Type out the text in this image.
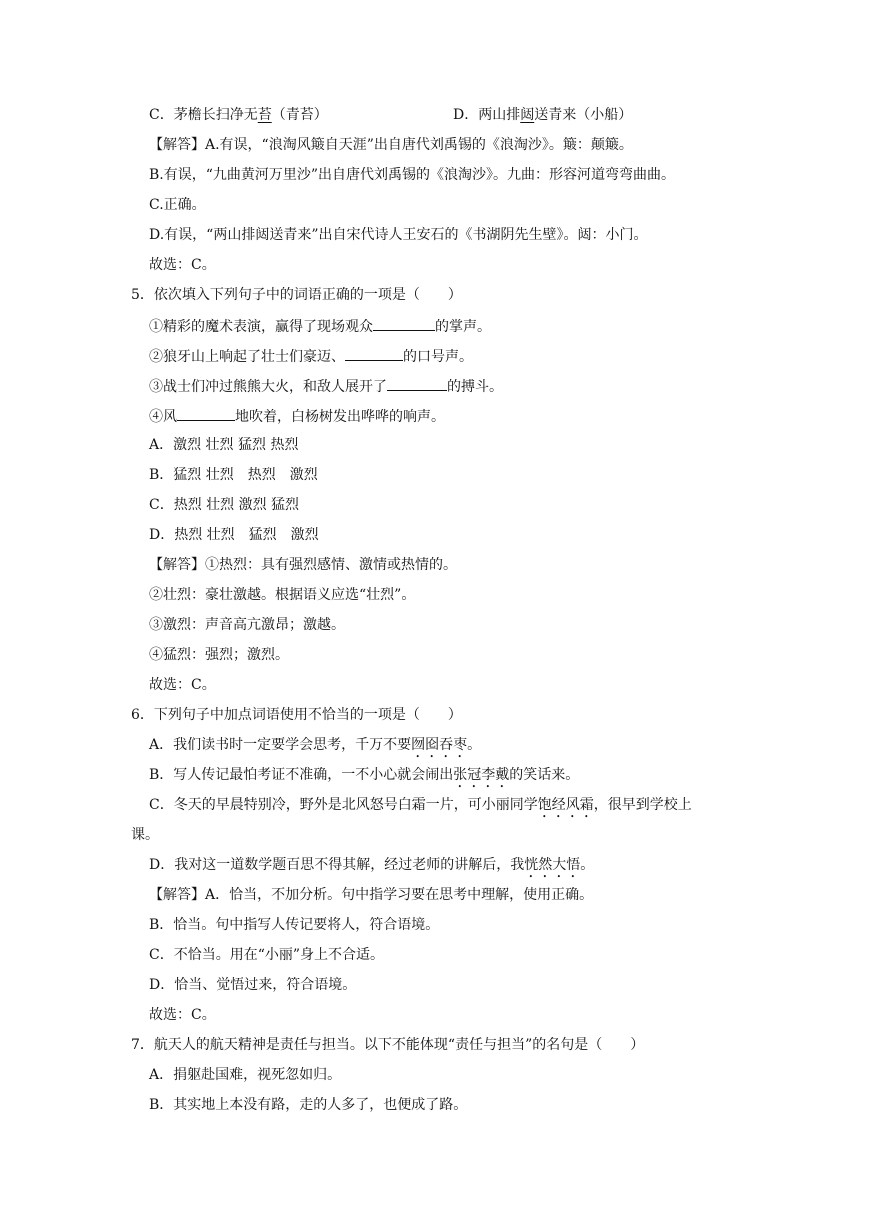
C．茅檐长扫净无苔（青苔）	D．两山排闼送青来（小船）
【解答】A.有误，“浪淘风簸自天涯”出自唐代刘禹锡的《浪淘沙》。簸：颠簸。
B.有误，“九曲黄河万里沙”出自唐代刘禹锡的《浪淘沙》。九曲：形容河道弯弯曲曲。
C.正确。
D.有误，“两山排闼送青来”出自宋代诗人王安石的《书湖阴先生壁》。闼：小门。
故选：C。
5．依次填入下列句子中的词语正确的一项是（　　）
①精彩的魔术表演，赢得了现场观众	的掌声。
②狼牙山上响起了壮士们豪迈、	的口号声。
③战士们冲过熊熊大火，和敌人展开了	的搏斗。
④风	地吹着，白杨树发出哗哗的响声。
A．激烈 壮烈 猛烈 热烈
B．猛烈 壮烈　热烈　激烈
C．热烈 壮烈 激烈 猛烈
D．热烈 壮烈　猛烈　激烈
【解答】①热烈：具有强烈感情、激情或热情的。
②壮烈：豪壮激越。根据语义应选“壮烈”。
③激烈：声音高亢激昂；激越。
④猛烈：强烈；激烈。
故选：C。
6．下列句子中加点词语使用不恰当的一项是（　　）
A．我们读书时一定要学会思考，千万不要囫囵吞枣。
B．写人传记最怕考证不准确，一不小心就会闹出张冠李戴的笑话来。
C．冬天的早晨特别冷，野外是北风怒号白霜一片，可小丽同学饱经风霜，很早到学校上
课。
D．我对这一道数学题百思不得其解，经过老师的讲解后，我恍然大悟。
【解答】A．恰当，不加分析。句中指学习要在思考中理解，使用正确。
B．恰当。句中指写人传记要将人，符合语境。
C．不恰当。用在“小丽”身上不合适。
D．恰当、觉悟过来，符合语境。
故选：C。
7．航天人的航天精神是责任与担当。以下不能体现“责任与担当”的名句是（　　）
A．捐躯赴国难，视死忽如归。
B．其实地上本没有路，走的人多了，也便成了路。
